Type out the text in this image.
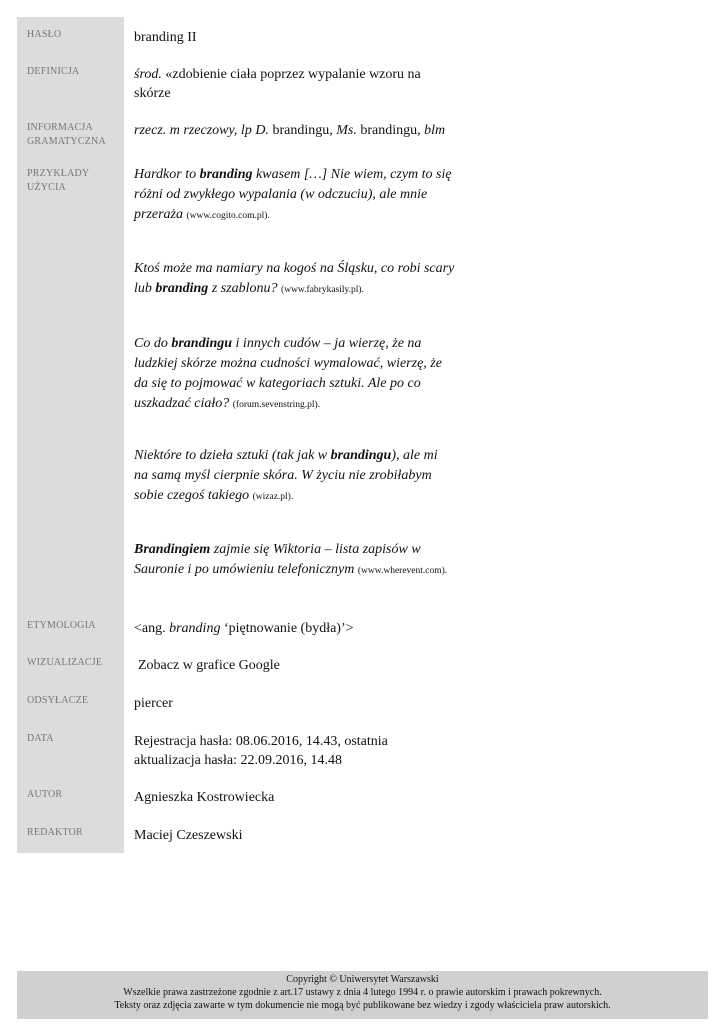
HASŁO
DEFINICJA
INFORMACJA
GRAMATYCZNA
PRZYKŁADY
UŻYCIA
ETYMOLOGIA
WIZUALIZACJE
ODSYŁACZE
DATA
AUTOR
REDAKTOR
branding II
środ. «zdobienie ciała poprzez wypalanie wzoru na
skórze
rzecz. m rzeczowy, lp D. brandingu, Ms. brandingu, blm
Hardkor to branding kwasem […] Nie wiem, czym to się
różni od zwykłego wypalania (w odczuciu), ale mnie
przeraża (www.cogito.com.pl).
Ktoś może ma namiary na kogoś na Śląsku, co robi scary
lub branding z szablonu? (www.fabrykasily.pl).
Co do brandingu i innych cudów – ja wierzę, że na
ludzkiej skórze można cudności wymalować, wierzę, że
da się to pojmować w kategoriach sztuki. Ale po co
uszkadzać ciało? (forum.sevenstring.pl).
Niektóre to dzieła sztuki (tak jak w brandingu), ale mi
na samą myśl cierpnie skóra. W życiu nie zrobiłabym
sobie czegoś takiego (wizaz.pl).
Brandingiem zajmie się Wiktoria – lista zapisów w
Sauronie i po umówieniu telefonicznym (www.wherevent.com).
<ang. branding ‘piętnowanie (bydła)’>
Zobacz w grafice Google
piercer
Rejestracja hasła: 08.06.2016, 14.43, ostatnia
aktualizacja hasła: 22.09.2016, 14.48
Agnieszka Kostrowiecka
Maciej Czeszewski
Copyright © Uniwersytet Warszawski
Wszelkie prawa zastrzeżone zgodnie z art.17 ustawy z dnia 4 lutego 1994 r. o prawie autorskim i prawach pokrewnych.
Teksty oraz zdjęcia zawarte w tym dokumencie nie mogą być publikowane bez wiedzy i zgody właściciela praw autorskich.
